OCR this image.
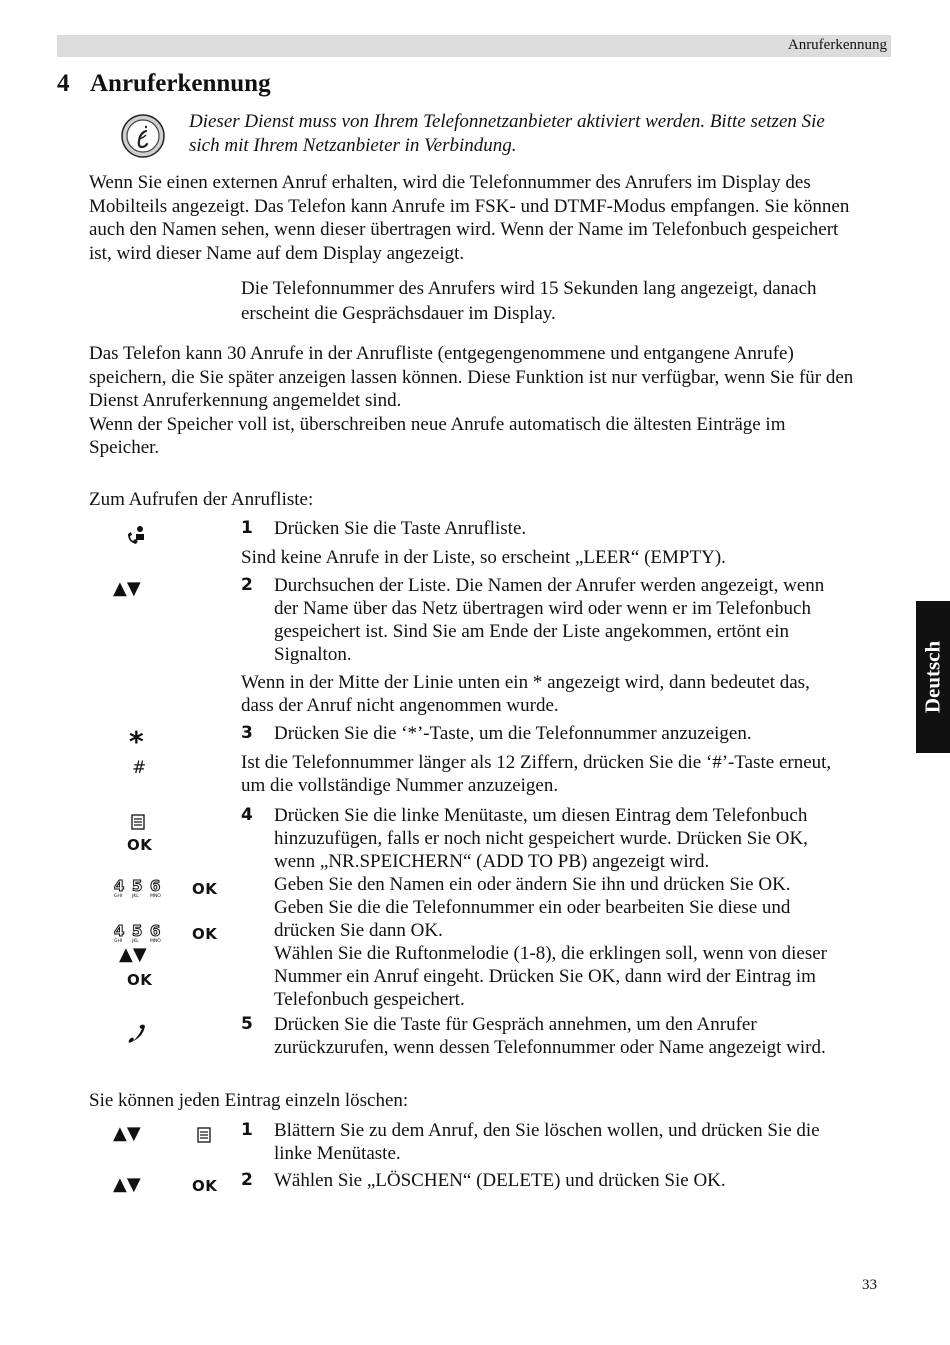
Anruferkennung
Deutsch
4 Anruferkennung
Dieser Dienst muss von Ihrem Telefonnetzanbieter aktiviert werden. Bitte setzen Sie
sich mit Ihrem Netzanbieter in Verbindung.
Wenn Sie einen externen Anruf erhalten, wird die Telefonnummer des Anrufers im Display des
Mobilteils angezeigt. Das Telefon kann Anrufe im FSK- und DTMF-Modus empfangen. Sie können
auch den Namen sehen, wenn dieser übertragen wird. Wenn der Name im Telefonbuch gespeichert
ist, wird dieser Name auf dem Display angezeigt.
Die Telefonnummer des Anrufers wird 15 Sekunden lang angezeigt, danach
erscheint die Gesprächsdauer im Display.
Das Telefon kann 30 Anrufe in der Anrufliste (entgegengenommene und entgangene Anrufe)
speichern, die Sie später anzeigen lassen können. Diese Funktion ist nur verfügbar, wenn Sie für den
Dienst Anruferkennung angemeldet sind.
Wenn der Speicher voll ist, überschreiben neue Anrufe automatisch die ältesten Einträge im
Speicher.
Zum Aufrufen der Anrufliste:
▲▼
*
#
OK
4 5 6
GHI JKL MNO OK
4 5 6
GHI JKL MNO OK
▲▼
OK
1 Drücken Sie die Taste Anrufliste.
Sind keine Anrufe in der Liste, so erscheint „LEER“ (EMPTY).
2 Durchsuchen der Liste. Die Namen der Anrufer werden angezeigt, wenn
der Name über das Netz übertragen wird oder wenn er im Telefonbuch
gespeichert ist. Sind Sie am Ende der Liste angekommen, ertönt ein
Signalton.
Wenn in der Mitte der Linie unten ein * angezeigt wird, dann bedeutet das,
dass der Anruf nicht angenommen wurde.
3 Drücken Sie die ‘*’-Taste, um die Telefonnummer anzuzeigen.
Ist die Telefonnummer länger als 12 Ziffern, drücken Sie die ‘#’-Taste erneut,
um die vollständige Nummer anzuzeigen.
4 Drücken Sie die linke Menütaste, um diesen Eintrag dem Telefonbuch
hinzuzufügen, falls er noch nicht gespeichert wurde. Drücken Sie OK,
wenn „NR.SPEICHERN“ (ADD TO PB) angezeigt wird.
Geben Sie den Namen ein oder ändern Sie ihn und drücken Sie OK.
Geben Sie die die Telefonnummer ein oder bearbeiten Sie diese und
drücken Sie dann OK.
Wählen Sie die Ruftonmelodie (1-8), die erklingen soll, wenn von dieser
Nummer ein Anruf eingeht. Drücken Sie OK, dann wird der Eintrag im
Telefonbuch gespeichert.
5 Drücken Sie die Taste für Gespräch annehmen, um den Anrufer
zurückzurufen, wenn dessen Telefonnummer oder Name angezeigt wird.
Sie können jeden Eintrag einzeln löschen:
▲▼
▲▼	OK
1 Blättern Sie zu dem Anruf, den Sie löschen wollen, und drücken Sie die
linke Menütaste.
2 Wählen Sie „LÖSCHEN“ (DELETE) und drücken Sie OK.
33
